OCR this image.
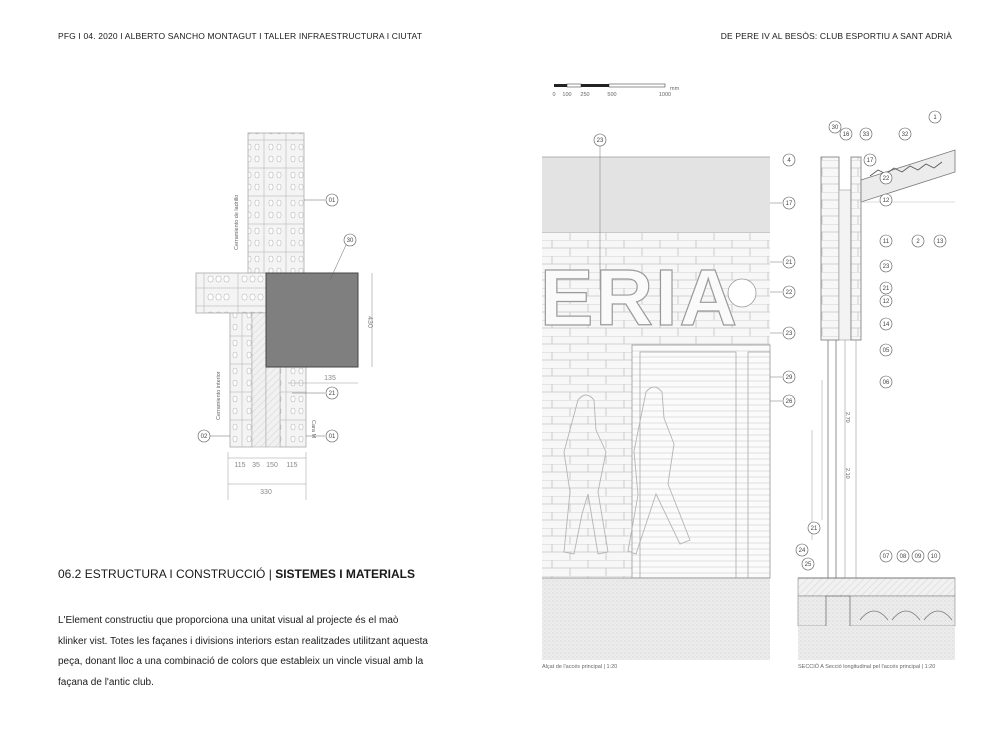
PFG I 04. 2020 I ALBERTO SANCHO MONTAGUT I TALLER INFRAESTRUCTURA I CIUTAT	DE PERE IV AL BESÒS: CLUB ESPORTIU A SANT ADRIÀ
01
30
21
02	01
115 35 150 115
330
135
430
Cerramiento de ladrillo
Cerramiento interior
Cara M
0 100 250	500	1000
mm
ERIA
23
17
21
22
23
29
26
Alçat de l'accés principal | 1:20
30
16 33	32
1
12
11
21
12
14
05
06
2	13
21
24
25
07 08 09 10
2.70
2.10
SECCIÓ A Secció longitudinal pel l'accés principal | 1:20
06.2 ESTRUCTURA I CONSTRUCCIÓ | SISTEMES I MATERIALS

L'Element constructiu que proporciona una unitat visual al projecte és el maò klinker vist. Totes les façanes i divisions interiors estan realitzades utilitzant aquesta peça, donant lloc a una combinació de colors que estableix un vincle visual amb la façana de l'antic club.

4	17
22
23
